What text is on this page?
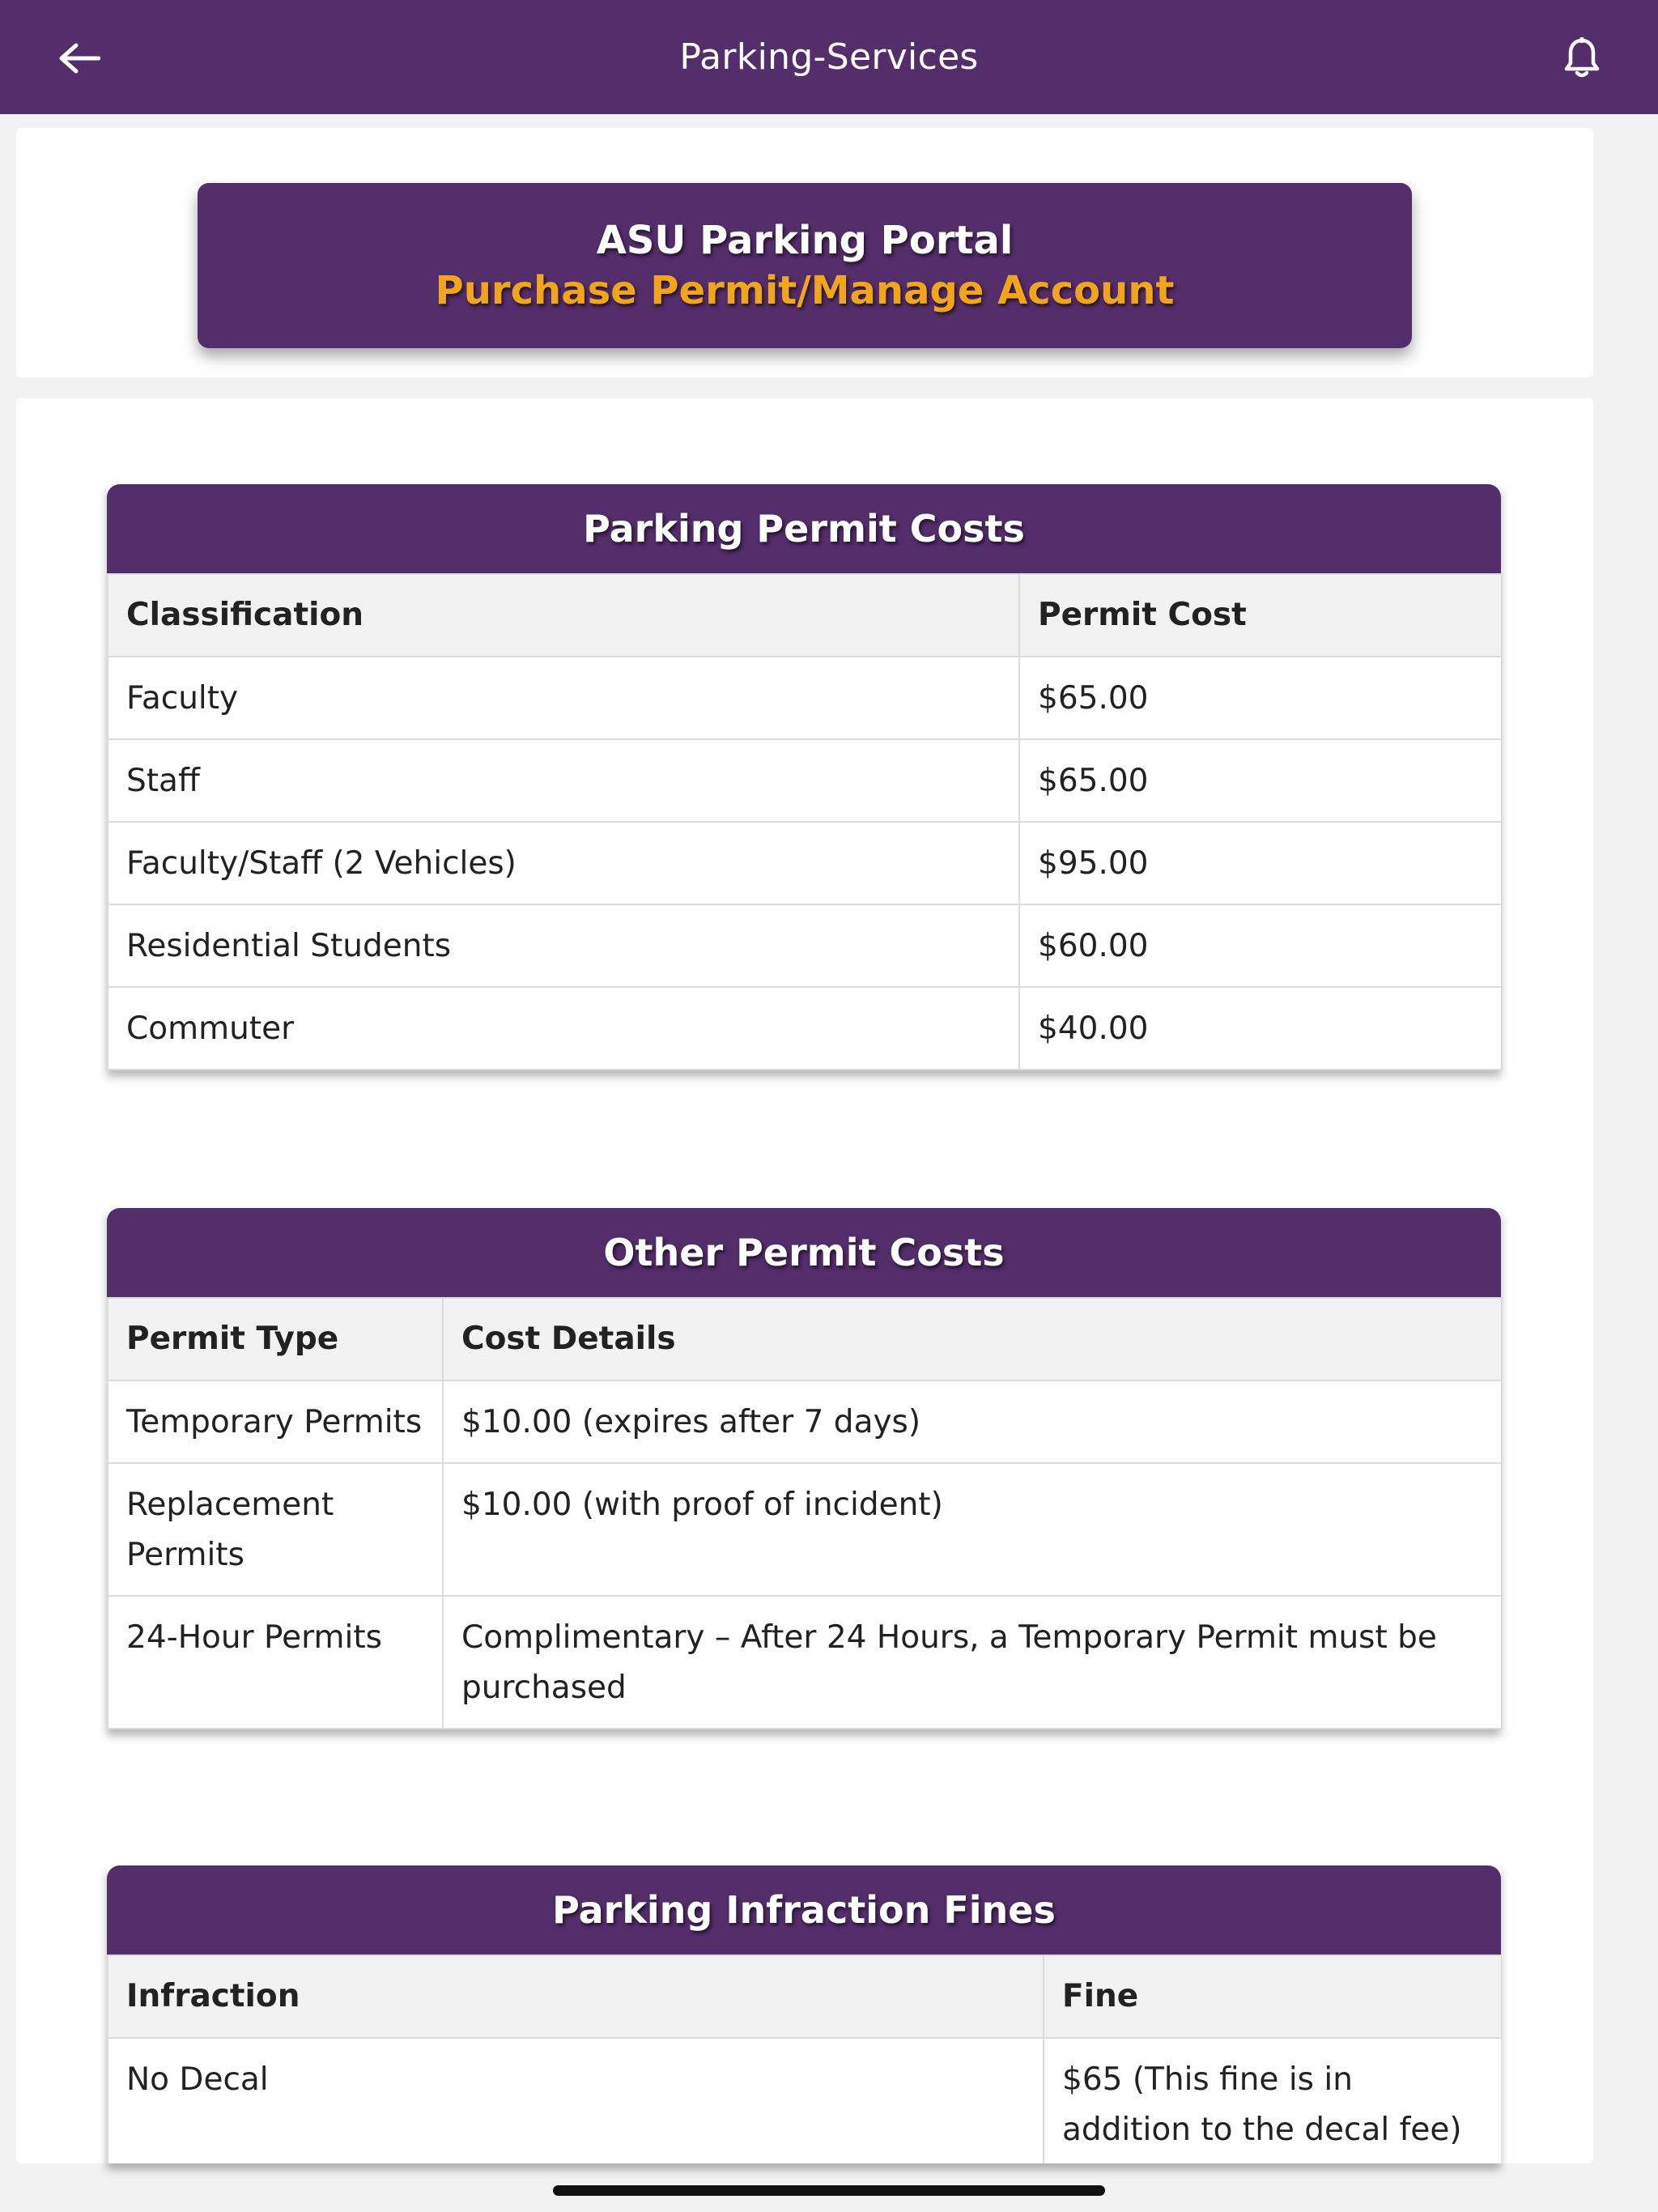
Parking-Services
ASU Parking Portal
Purchase Permit/Manage Account
Parking Permit Costs
Classification	Permit Cost
Faculty	$65.00
Staff	$65.00
Faculty/Staff (2 Vehicles)	$95.00
Residential Students	$60.00
Commuter	$40.00
Other Permit Costs
Permit Type	Cost Details
Temporary Permits	$10.00 (expires after 7 days)
Replacement Permits	$10.00 (with proof of incident)
24-Hour Permits	Complimentary – After 24 Hours, a Temporary Permit must be purchased
Parking Infraction Fines
Infraction	Fine
No Decal	$65 (This fine is in addition to the decal fee)
